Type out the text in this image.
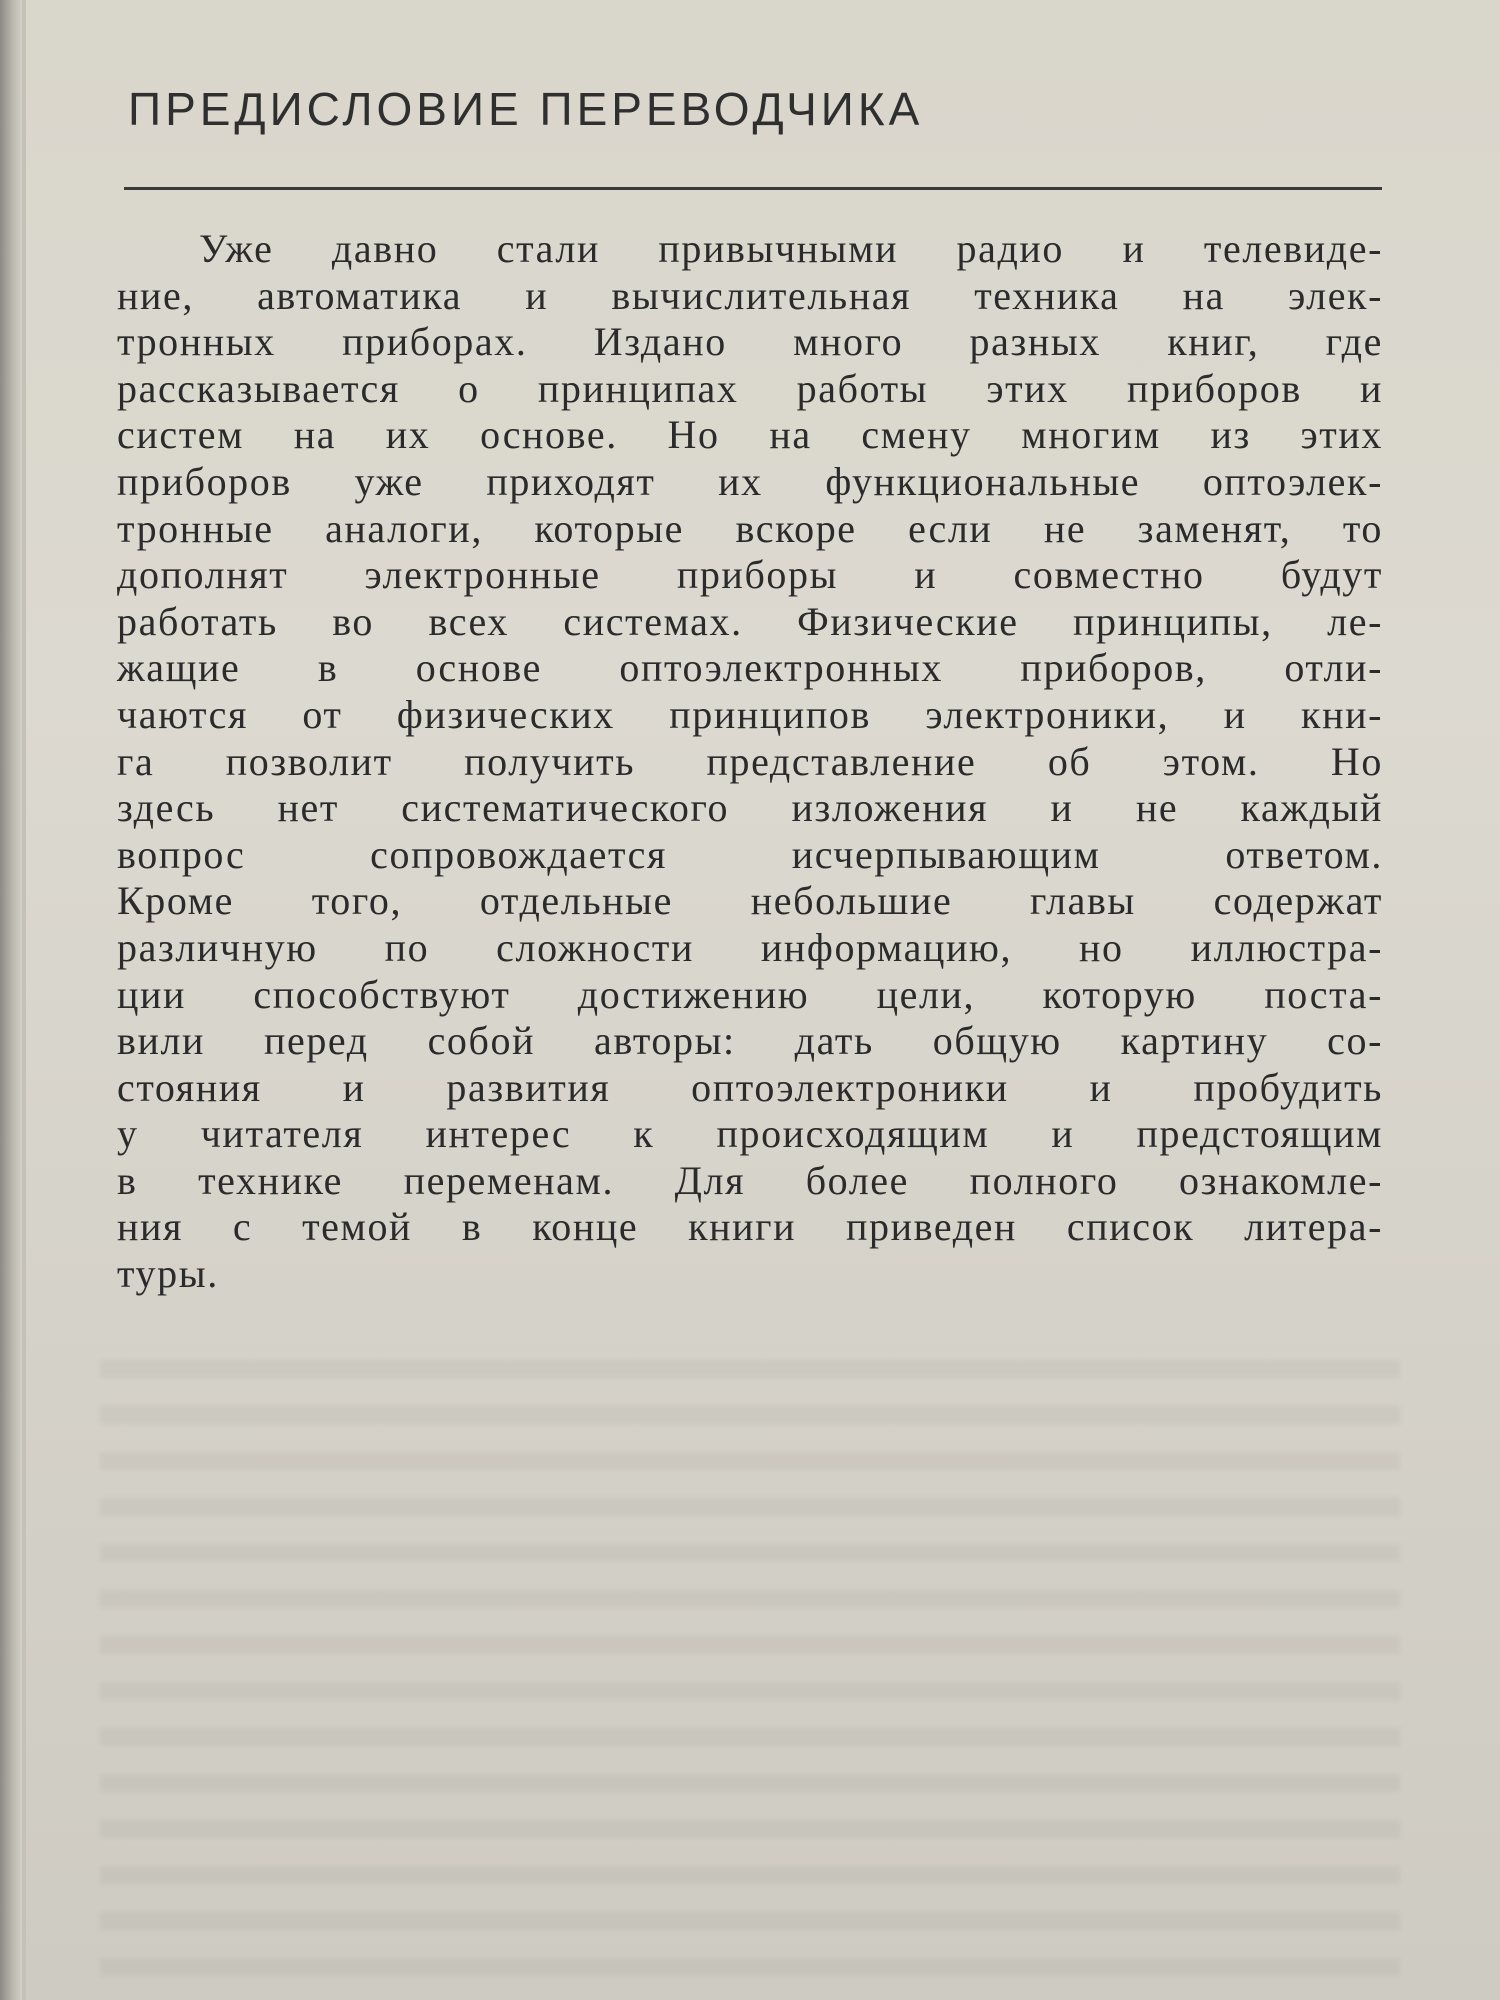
ПРЕДИСЛОВИЕ ПЕРЕВОДЧИКА
Уже давно стали привычными радио и телевиде-
ние, автоматика и вычислительная техника на элек-
тронных приборах. Издано много разных книг, где
рассказывается о принципах работы этих приборов и
систем на их основе. Но на смену многим из этих
приборов уже приходят их функциональные оптоэлек-
тронные аналоги, которые вскоре если не заменят, то
дополнят электронные приборы и совместно будут
работать во всех системах. Физические принципы, ле-
жащие в основе оптоэлектронных приборов, отли-
чаются от физических принципов электроники, и кни-
га позволит получить представление об этом. Но
здесь нет систематического изложения и не каждый
вопрос сопровождается исчерпывающим ответом.
Кроме того, отдельные небольшие главы содержат
различную по сложности информацию, но иллюстра-
ции способствуют достижению цели, которую поста-
вили перед собой авторы: дать общую картину со-
стояния и развития оптоэлектроники и пробудить
у читателя интерес к происходящим и предстоящим
в технике переменам. Для более полного ознакомле-
ния с темой в конце книги приведен список литера-
туры.
